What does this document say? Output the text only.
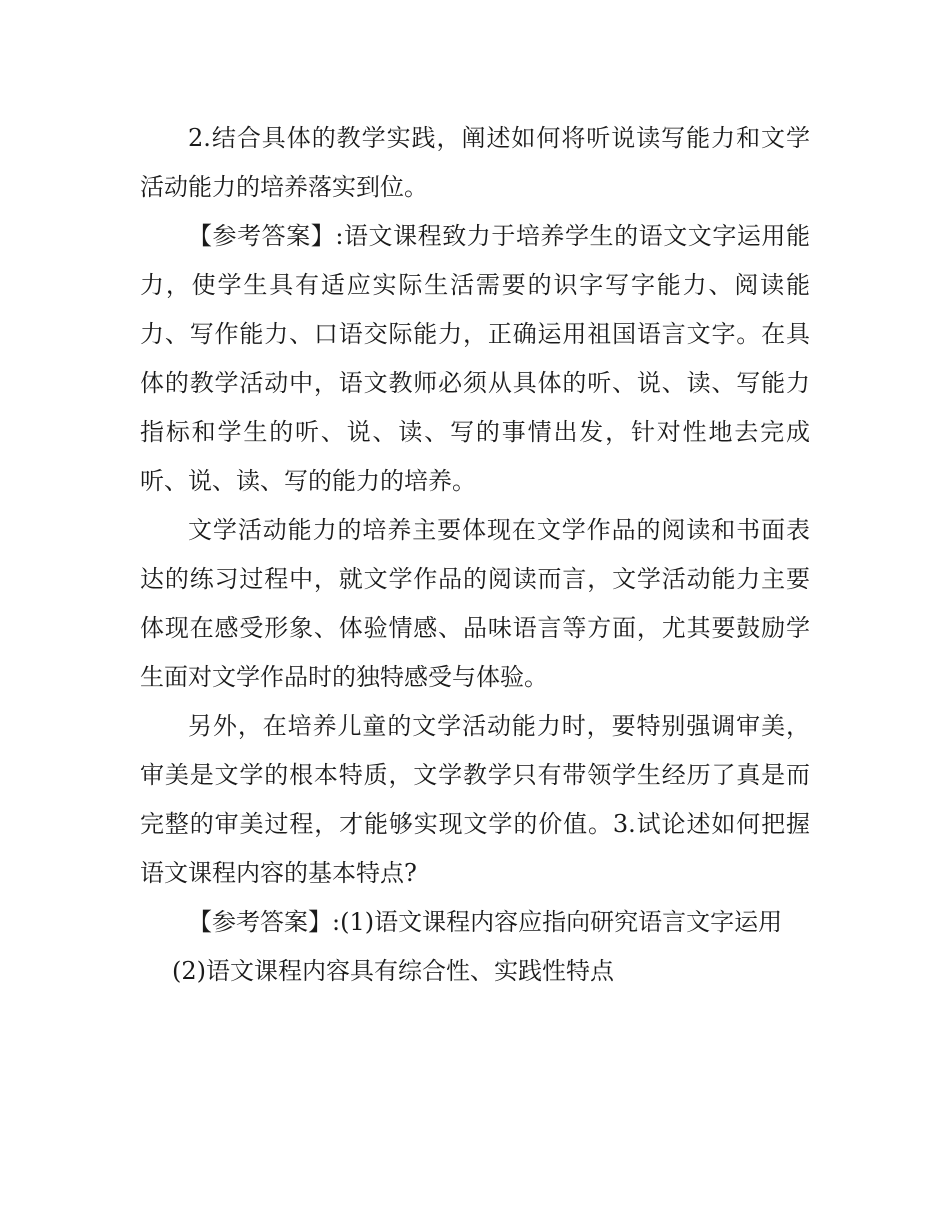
2.结合具体的教学实践，阐述如何将听说读写能力和文学活动能力的培养落实到位。

【参考答案】:语文课程致力于培养学生的语文文字运用能力，使学生具有适应实际生活需要的识字写字能力、阅读能力、写作能力、口语交际能力，正确运用祖国语言文字。在具体的教学活动中，语文教师必须从具体的听、说、读、写能力指标和学生的听、说、读、写的事情出发，针对性地去完成听、说、读、写的能力的培养。

文学活动能力的培养主要体现在文学作品的阅读和书面表达的练习过程中，就文学作品的阅读而言，文学活动能力主要体现在感受形象、体验情感、品味语言等方面，尤其要鼓励学生面对文学作品时的独特感受与体验。

另外，在培养儿童的文学活动能力时，要特别强调审美，审美是文学的根本特质，文学教学只有带领学生经历了真是而完整的审美过程，才能够实现文学的价值。3.试论述如何把握语文课程内容的基本特点?

【参考答案】:(1)语文课程内容应指向研究语言文字运用

(2)语文课程内容具有综合性、实践性特点
